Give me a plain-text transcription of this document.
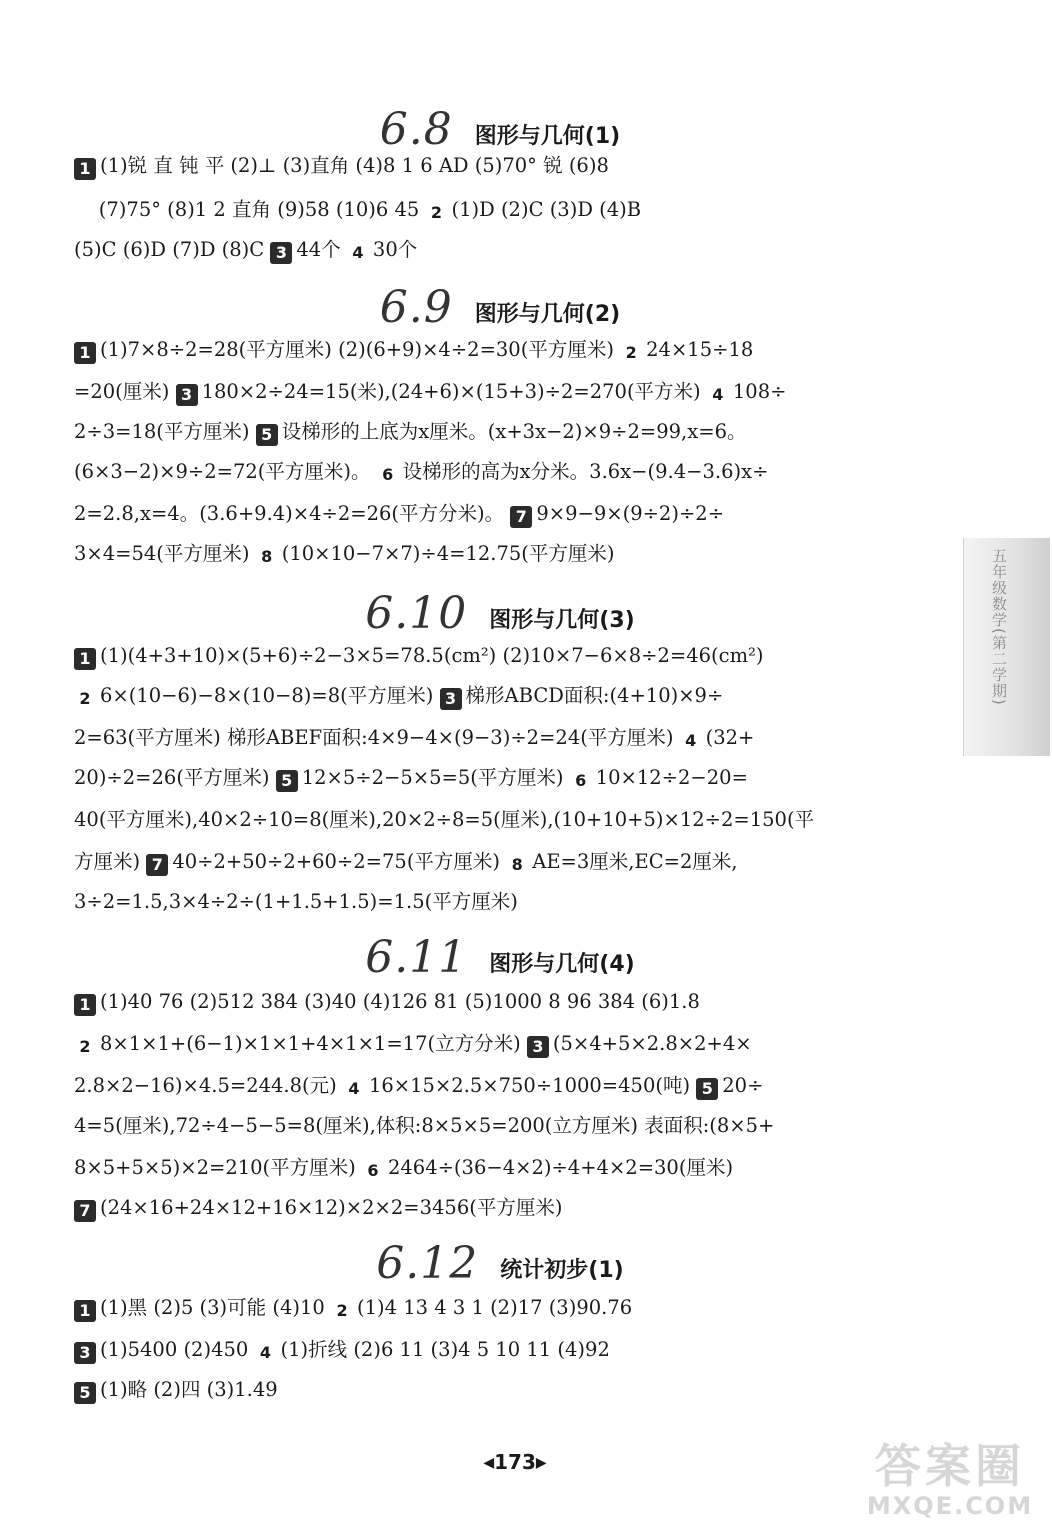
6.8 图形与几何(1)
6.9 图形与几何(2)
6.10 图形与几何(3)
6.11 图形与几何(4)
6.12 统计初步(1)
1 (1)锐 直 钝 平 (2)⊥ (3)直角 (4)8 1 6 AD (5)70° 锐 (6)8
(7)75° (8)1 2 直角 (9)58 (10)6 45 2 (1)D (2)C (3)D (4)B
(5)C (6)D (7)D (8)C 3 44个 4 30个
1 (1)7×8÷2=28(平方厘米) (2)(6+9)×4÷2=30(平方厘米) 2 24×15÷18
=20(厘米) 3 180×2÷24=15(米),(24+6)×(15+3)÷2=270(平方米) 4 108÷
2÷3=18(平方厘米) 5 设梯形的上底为x厘米。(x+3x−2)×9÷2=99,x=6。
(6×3−2)×9÷2=72(平方厘米)。 6 设梯形的高为x分米。3.6x−(9.4−3.6)x÷
2=2.8,x=4。(3.6+9.4)×4÷2=26(平方分米)。 7 9×9−9×(9÷2)÷2÷
3×4=54(平方厘米) 8 (10×10−7×7)÷4=12.75(平方厘米)
1 (1)(4+3+10)×(5+6)÷2−3×5=78.5(cm²) (2)10×7−6×8÷2=46(cm²)
2 6×(10−6)−8×(10−8)=8(平方厘米) 3 梯形ABCD面积:(4+10)×9÷
2=63(平方厘米) 梯形ABEF面积:4×9−4×(9−3)÷2=24(平方厘米) 4 (32+
20)÷2=26(平方厘米) 5 12×5÷2−5×5=5(平方厘米) 6 10×12÷2−20=
40(平方厘米),40×2÷10=8(厘米),20×2÷8=5(厘米),(10+10+5)×12÷2=150(平
方厘米) 7 40÷2+50÷2+60÷2=75(平方厘米) 8 AE=3厘米,EC=2厘米,
3÷2=1.5,3×4÷2÷(1+1.5+1.5)=1.5(平方厘米)
1 (1)40 76 (2)512 384 (3)40 (4)126 81 (5)1000 8 96 384 (6)1.8
2 8×1×1+(6−1)×1×1+4×1×1=17(立方分米) 3 (5×4+5×2.8×2+4×
2.8×2−16)×4.5=244.8(元) 4 16×15×2.5×750÷1000=450(吨) 5 20÷
4=5(厘米),72÷4−5−5=8(厘米),体积:8×5×5=200(立方厘米) 表面积:(8×5+
8×5+5×5)×2=210(平方厘米) 6 2464÷(36−4×2)÷4+4×2=30(厘米)
7 (24×16+24×12+16×12)×2×2=3456(平方厘米)
1 (1)黑 (2)5 (3)可能 (4)10 2 (1)4 13 4 3 1 (2)17 (3)90.76
3 (1)5400 (2)450 4 (1)折线 (2)6 11 (3)4 5 10 11 (4)92
5 (1)略 (2)四 (3)1.49
五年级数学(第二学期)
◀173▶	答案圈
MXQE.COM
